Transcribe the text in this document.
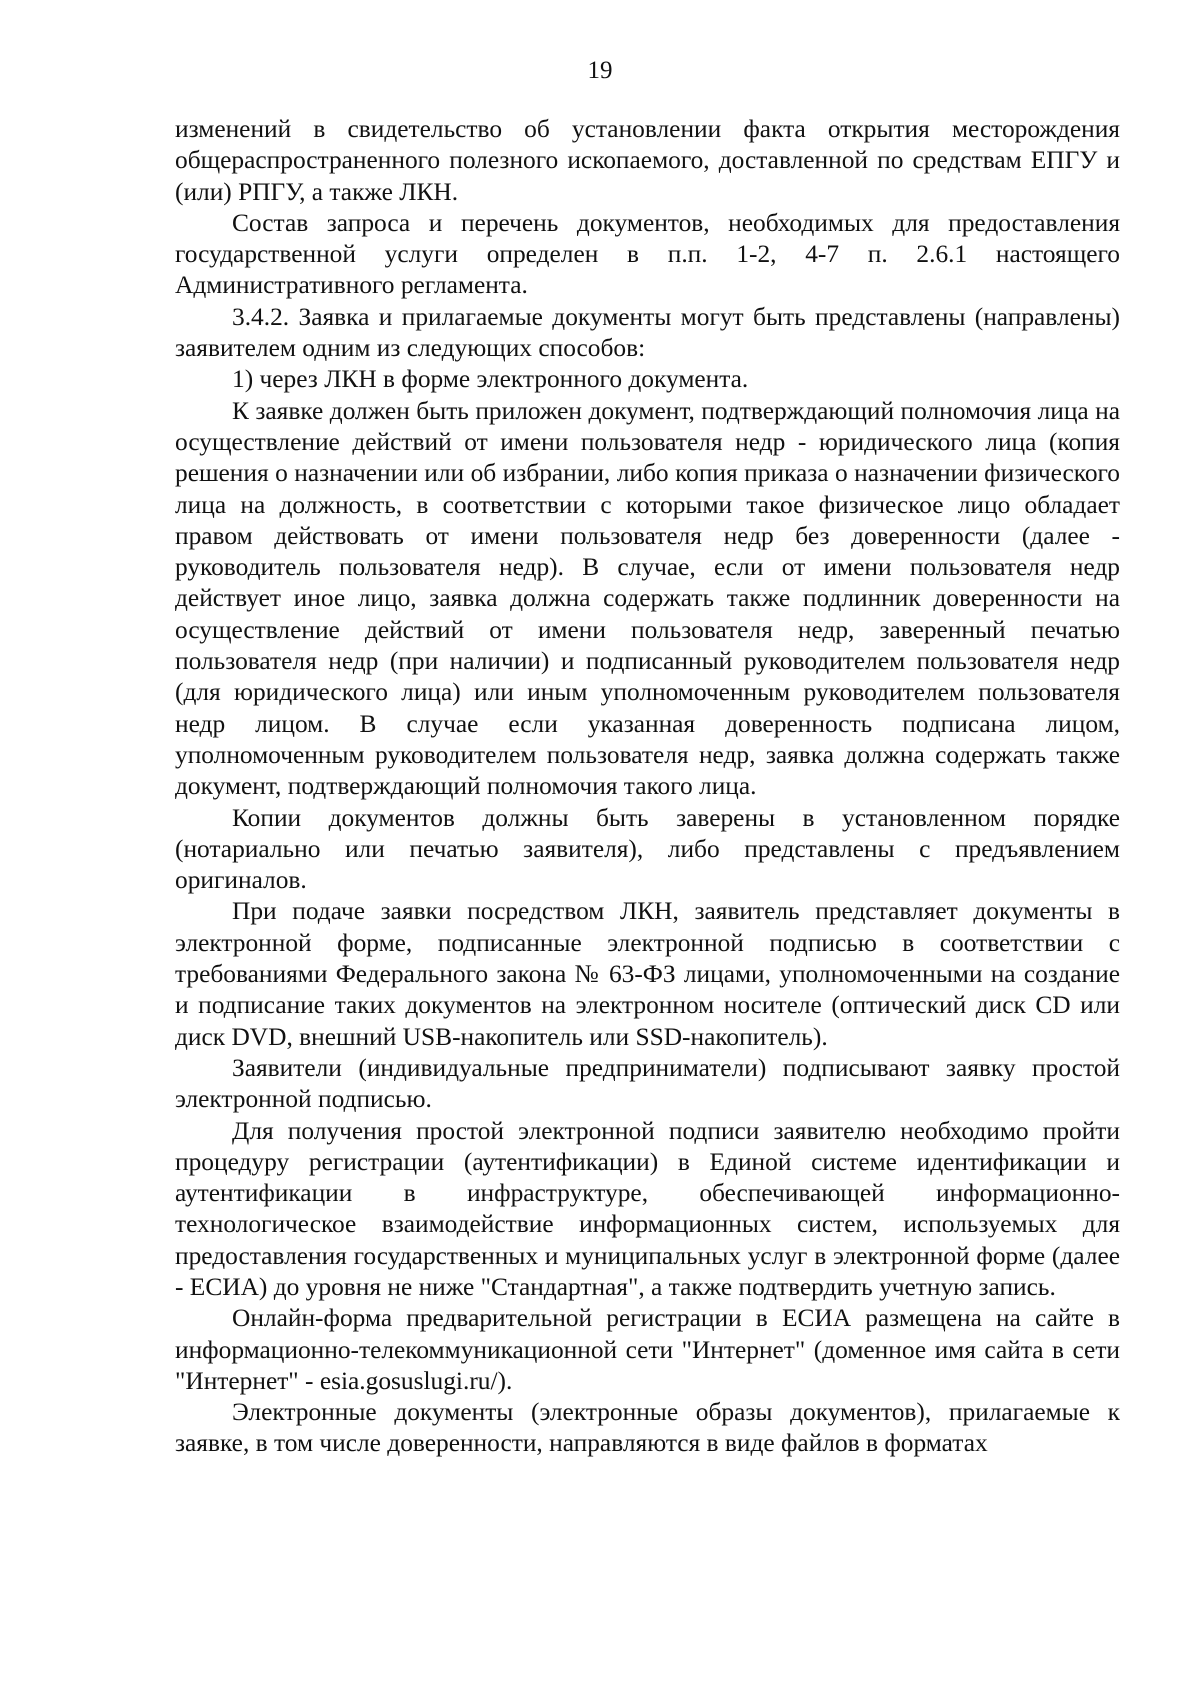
19

изменений в свидетельство об установлении факта открытия месторождения общераспространенного полезного ископаемого, доставленной по средствам ЕПГУ и (или) РПГУ, а также ЛКН.

Состав запроса и перечень документов, необходимых для предоставления государственной услуги определен в п.п. 1-2, 4-7 п. 2.6.1 настоящего Административного регламента.

3.4.2. Заявка и прилагаемые документы могут быть представлены (направлены) заявителем одним из следующих способов:

1) через ЛКН в форме электронного документа.

К заявке должен быть приложен документ, подтверждающий полномочия лица на осуществление действий от имени пользователя недр - юридического лица (копия решения о назначении или об избрании, либо копия приказа о назначении физического лица на должность, в соответствии с которыми такое физическое лицо обладает правом действовать от имени пользователя недр без доверенности (далее - руководитель пользователя недр). В случае, если от имени пользователя недр действует иное лицо, заявка должна содержать также подлинник доверенности на осуществление действий от имени пользователя недр, заверенный печатью пользователя недр (при наличии) и подписанный руководителем пользователя недр (для юридического лица) или иным уполномоченным руководителем пользователя недр лицом. В случае если указанная доверенность подписана лицом, уполномоченным руководителем пользователя недр, заявка должна содержать также документ, подтверждающий полномочия такого лица.

Копии документов должны быть заверены в установленном порядке (нотариально или печатью заявителя), либо представлены с предъявлением оригиналов.

При подаче заявки посредством ЛКН, заявитель представляет документы в электронной форме, подписанные электронной подписью в соответствии с требованиями Федерального закона № 63-ФЗ лицами, уполномоченными на создание и подписание таких документов на электронном носителе (оптический диск CD или диск DVD, внешний USB-накопитель или SSD-накопитель).

Заявители (индивидуальные предприниматели) подписывают заявку простой электронной подписью.

Для получения простой электронной подписи заявителю необходимо пройти процедуру регистрации (аутентификации) в Единой системе идентификации и аутентификации в инфраструктуре, обеспечивающей информационно-технологическое взаимодействие информационных систем, используемых для предоставления государственных и муниципальных услуг в электронной форме (далее - ЕСИА) до уровня не ниже "Стандартная", а также подтвердить учетную запись.

Онлайн-форма предварительной регистрации в ЕСИА размещена на сайте в информационно-телекоммуникационной сети "Интернет" (доменное имя сайта в сети "Интернет" - esia.gosuslugi.ru/).

Электронные документы (электронные образы документов), прилагаемые к заявке, в том числе доверенности, направляются в виде файлов в форматах
